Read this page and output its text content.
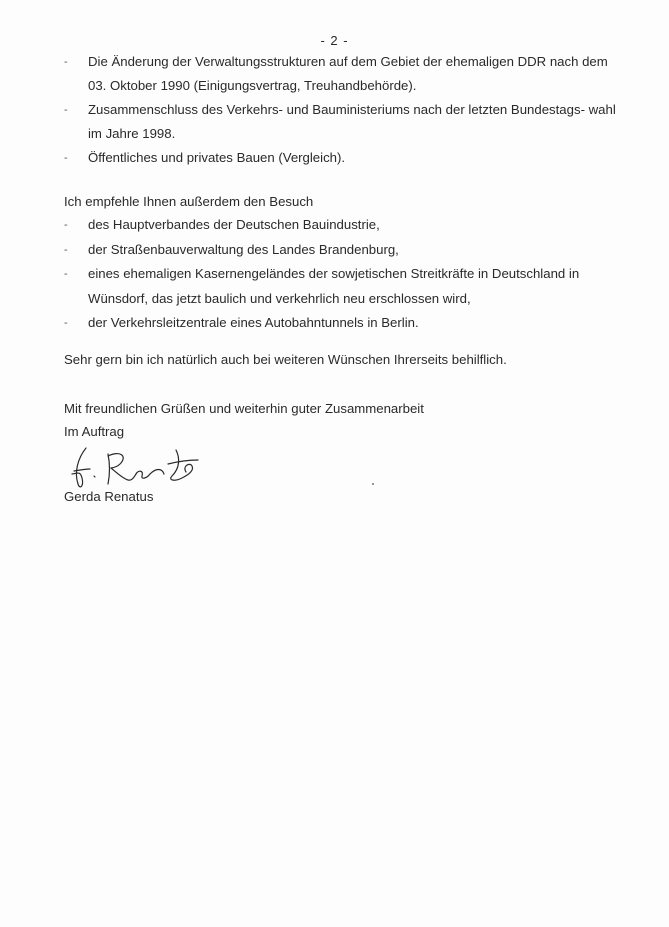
- 2 -
- Die Änderung der Verwaltungsstrukturen auf dem Gebiet der ehemaligen DDR nach dem 03. Oktober 1990 (Einigungsvertrag, Treuhandbehörde).
- Zusammenschluss des Verkehrs- und Bauministeriums nach der letzten Bundestags- wahl im Jahre 1998.
- Öffentliches und privates Bauen (Vergleich).
Ich empfehle Ihnen außerdem den Besuch
- des Hauptverbandes der Deutschen Bauindustrie,
- der Straßenbauverwaltung des Landes Brandenburg,
- eines ehemaligen Kasernengeländes der sowjetischen Streitkräfte in Deutschland in Wünsdorf, das jetzt baulich und verkehrlich neu erschlossen wird,
- der Verkehrsleitzentrale eines Autobahntunnels in Berlin.
Sehr gern bin ich natürlich auch bei weiteren Wünschen Ihrerseits behilflich.
Mit freundlichen Grüßen und weiterhin guter Zusammenarbeit
Im Auftrag
Gerda Renatus
